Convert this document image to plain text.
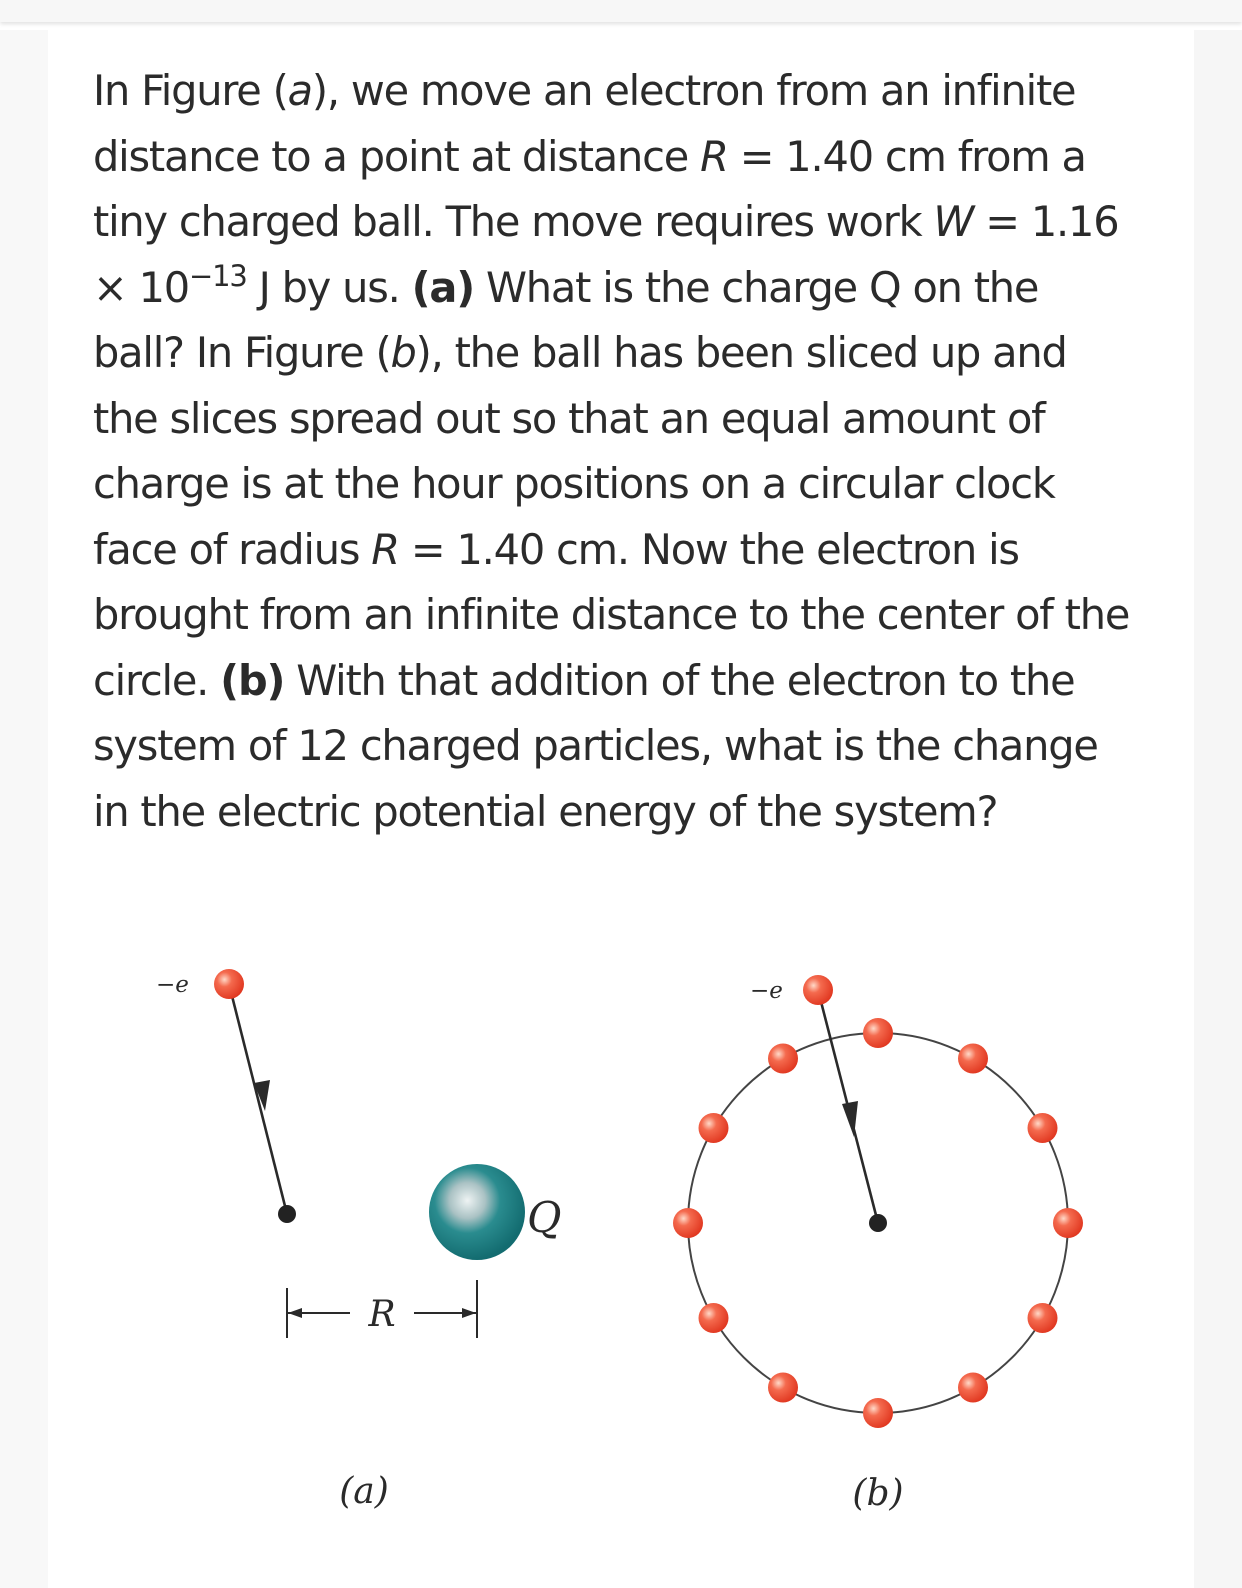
In Figure (a), we move an electron from an infinite distance to a point at distance R = 1.40 cm from a tiny charged ball. The move requires work $W = 1.16 \times 10^{-13}$ J by us. (a) What is the charge Q on the ball? In Figure (b), the ball has been sliced up and the slices spread out so that an equal amount of charge is at the hour positions on a circular clock face of radius R = 1.40 cm. Now the electron is brought from an infinite distance to the center of the circle. (b) With that addition of the electron to the system of 12 charged particles, what is the change in the electric potential energy of the system?

−e
Q
R
(a)
−e
(b)
